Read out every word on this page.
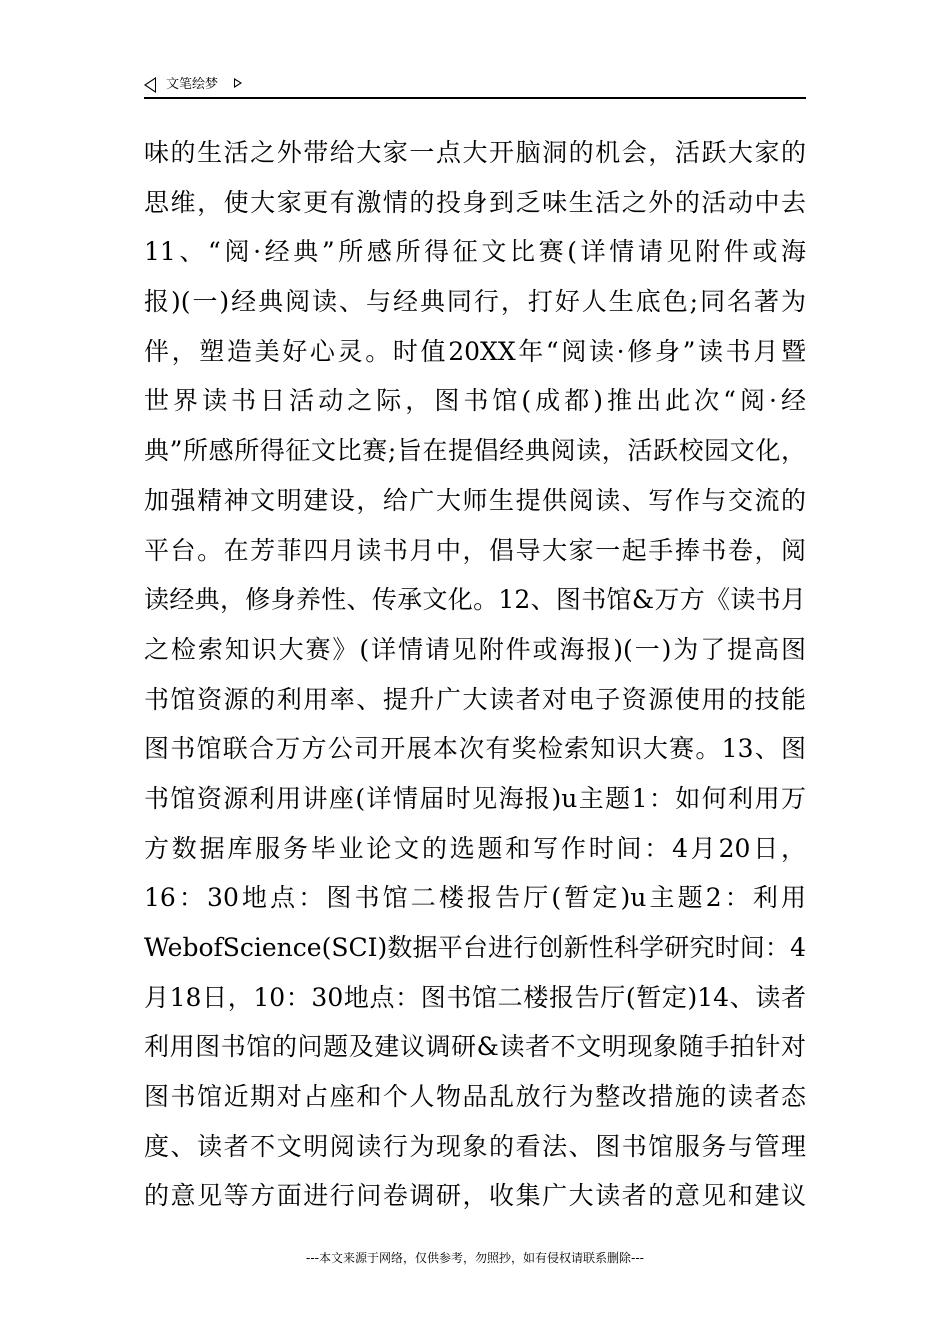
文笔绘梦
味的生活之外带给大家一点大开脑洞的机会，活跃大家的
思维，使大家更有激情的投身到乏味生活之外的活动中去
11、“阅·经典”所感所得征文比赛(详情请见附件或海
报)(一)经典阅读、与经典同行，打好人生底色;同名著为
伴，塑造美好心灵。时值20XX年“阅读·修身”读书月暨
世界读书日活动之际，图书馆(成都)推出此次“阅·经
典”所感所得征文比赛;旨在提倡经典阅读，活跃校园文化，
加强精神文明建设，给广大师生提供阅读、写作与交流的
平台。在芳菲四月读书月中，倡导大家一起手捧书卷，阅
读经典，修身养性、传承文化。12、图书馆&万方《读书月
之检索知识大赛》(详情请见附件或海报)(一)为了提高图
书馆资源的利用率、提升广大读者对电子资源使用的技能
图书馆联合万方公司开展本次有奖检索知识大赛。13、图
书馆资源利用讲座(详情届时见海报)u主题1：如何利用万
方数据库服务毕业论文的选题和写作时间：4月20日，
16：30地点：图书馆二楼报告厅(暂定)u主题2：利用
WebofScience(SCI)数据平台进行创新性科学研究时间：4
月18日，10：30地点：图书馆二楼报告厅(暂定)14、读者
利用图书馆的问题及建议调研&读者不文明现象随手拍针对
图书馆近期对占座和个人物品乱放行为整改措施的读者态
度、读者不文明阅读行为现象的看法、图书馆服务与管理
的意见等方面进行问卷调研，收集广大读者的意见和建议
---本文来源于网络，仅供参考，勿照抄，如有侵权请联系删除---
